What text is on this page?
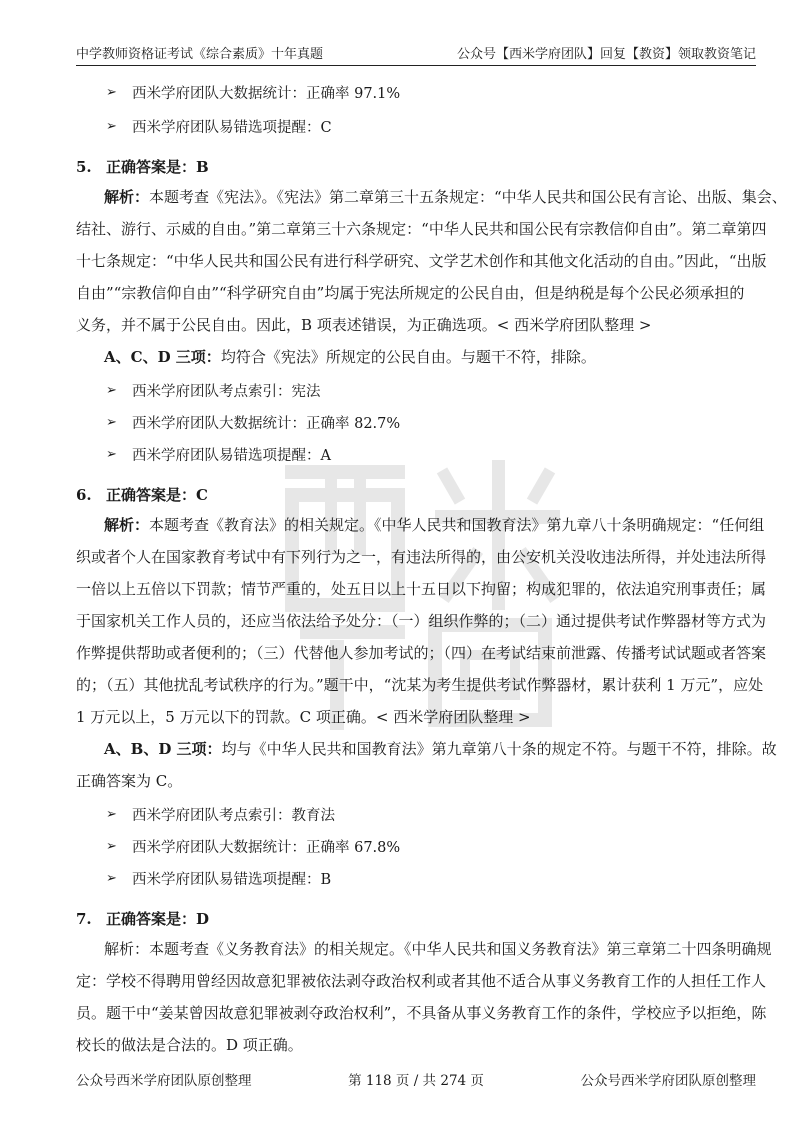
中学教师资格证考试《综合素质》十年真题	公众号【西米学府团队】回复【教资】领取教资笔记
➢	西米学府团队大数据统计：正确率 97.1%
➢	西米学府团队易错选项提醒：C
5. 正确答案是：B
解析：本题考查《宪法》。《宪法》第二章第三十五条规定：“中华人民共和国公民有言论、出版、集会、
结社、游行、示威的自由。”第二章第三十六条规定：“中华人民共和国公民有宗教信仰自由”。第二章第四
十七条规定：“中华人民共和国公民有进行科学研究、文学艺术创作和其他文化活动的自由。”因此，“出版
自由”“宗教信仰自由”“科学研究自由”均属于宪法所规定的公民自由，但是纳税是每个公民必须承担的
义务，并不属于公民自由。因此，B 项表述错误，为正确选项。< 西米学府团队整理 >
A、C、D 三项：均符合《宪法》所规定的公民自由。与题干不符，排除。
➢	西米学府团队考点索引：宪法
➢	西米学府团队大数据统计：正确率 82.7%
➢	西米学府团队易错选项提醒：A
6. 正确答案是：C
解析：本题考查《教育法》的相关规定。《中华人民共和国教育法》第九章八十条明确规定：“任何组
织或者个人在国家教育考试中有下列行为之一，有违法所得的，由公安机关没收违法所得，并处违法所得
一倍以上五倍以下罚款；情节严重的，处五日以上十五日以下拘留；构成犯罪的，依法追究刑事责任；属
于国家机关工作人员的，还应当依法给予处分：（一）组织作弊的；（二）通过提供考试作弊器材等方式为
作弊提供帮助或者便利的；（三）代替他人参加考试的；（四）在考试结束前泄露、传播考试试题或者答案
的；（五）其他扰乱考试秩序的行为。”题干中，“沈某为考生提供考试作弊器材，累计获利 1 万元”，应处
1 万元以上，5 万元以下的罚款。C 项正确。< 西米学府团队整理 >
A、B、D 三项：均与《中华人民共和国教育法》第九章第八十条的规定不符。与题干不符，排除。故
正确答案为 C。
➢	西米学府团队考点索引：教育法
➢	西米学府团队大数据统计：正确率 67.8%
➢	西米学府团队易错选项提醒：B
7. 正确答案是：D
解析：本题考查《义务教育法》的相关规定。《中华人民共和国义务教育法》第三章第二十四条明确规
定：学校不得聘用曾经因故意犯罪被依法剥夺政治权利或者其他不适合从事义务教育工作的人担任工作人
员。题干中“姜某曾因故意犯罪被剥夺政治权利”，不具备从事义务教育工作的条件，学校应予以拒绝，陈
校长的做法是合法的。D 项正确。
公众号西米学府团队原创整理	第 118 页 / 共 274 页	公众号西米学府团队原创整理
